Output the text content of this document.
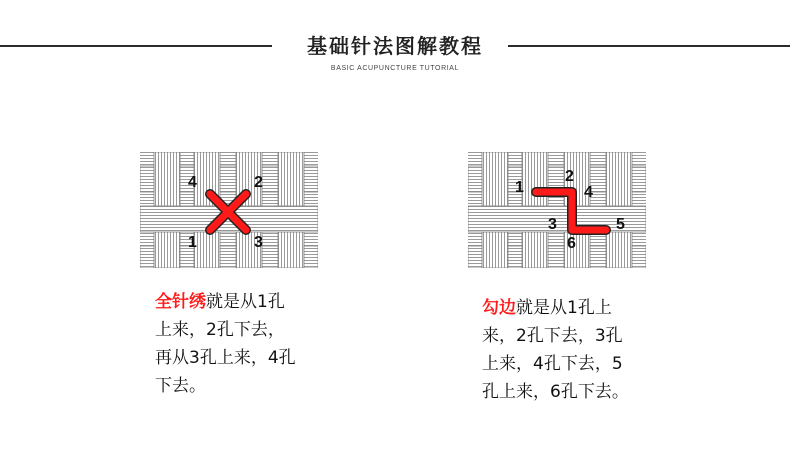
基础针法图解教程
BASIC ACUPUNCTURE TUTORIAL
4	2
1	3
1
2
4
3	5
6
全针绣就是从1孔
上来，2孔下去，
再从3孔上来，4孔
下去。
勾边就是从1孔上
来，2孔下去，3孔
上来，4孔下去，5
孔上来，6孔下去。
